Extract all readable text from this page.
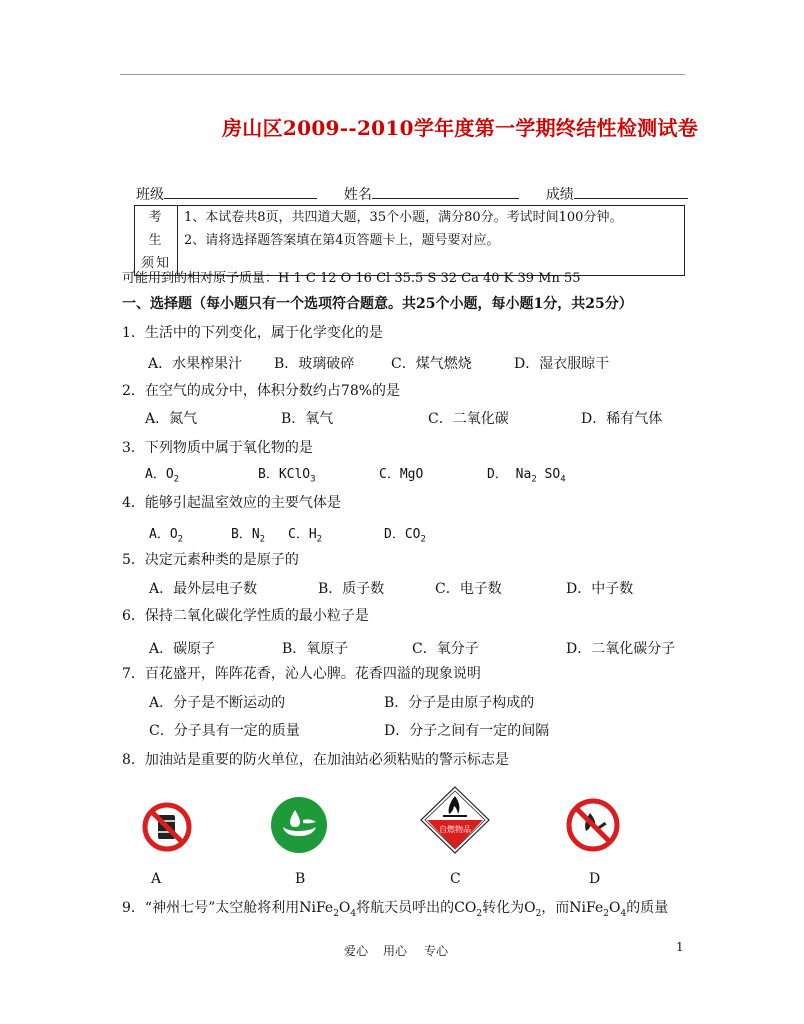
房山区2009--2010学年度第一学期终结性检测试卷
班级	姓名	成绩
考 生
须知

1、本试卷共8页，共四道大题，35个小题，满分80分。考试时间100分钟。
2、请将选择题答案填在第4页答题卡上，题号要对应。
可能用到的相对原子质量：H 1 C 12 O 16 Cl 35.5 S 32 Ca 40 K 39 Mn 55
一、选择题（每小题只有一个选项符合题意。共25个小题，每小题1分，共25分）
1．生活中的下列变化，属于化学变化的是
A．水果榨果汁 B．玻璃破碎	C．煤气燃烧	D．湿衣服晾干
2．在空气的成分中，体积分数约占78%的是
A．氮气	B．氧气	C．二氧化碳	D．稀有气体
3．下列物质中属于氧化物的是
A．$O_2$	B．KClO$_3$	C．MgO	D． $Na_2$ $SO_4$
4．能够引起温室效应的主要气体是
A．$O_2$	B．$N_2$ C．$H_2$	D．$CO_2$
5．决定元素种类的是原子的
A．最外层电子数	B．质子数	C．电子数	D．中子数
6．保持二氧化碳化学性质的最小粒子是
A．碳原子	B．氧原子	C．氧分子	D．二氧化碳分子
7．百花盛开，阵阵花香，沁人心脾。花香四溢的现象说明
A．分子是不断运动的	B．分子是由原子构成的
C．分子具有一定的质量	D．分子之间有一定的间隔
8．加油站是重要的防火单位，在加油站必须粘贴的警示标志是
自燃物品
A	B	C	D
9．“神州七号”太空舱将利用$NiFe_2O_4$将航天员呼出的$CO_2$转化为$O_2$，而$NiFe_2O_4$的质量
爱心 用心 专心	1
